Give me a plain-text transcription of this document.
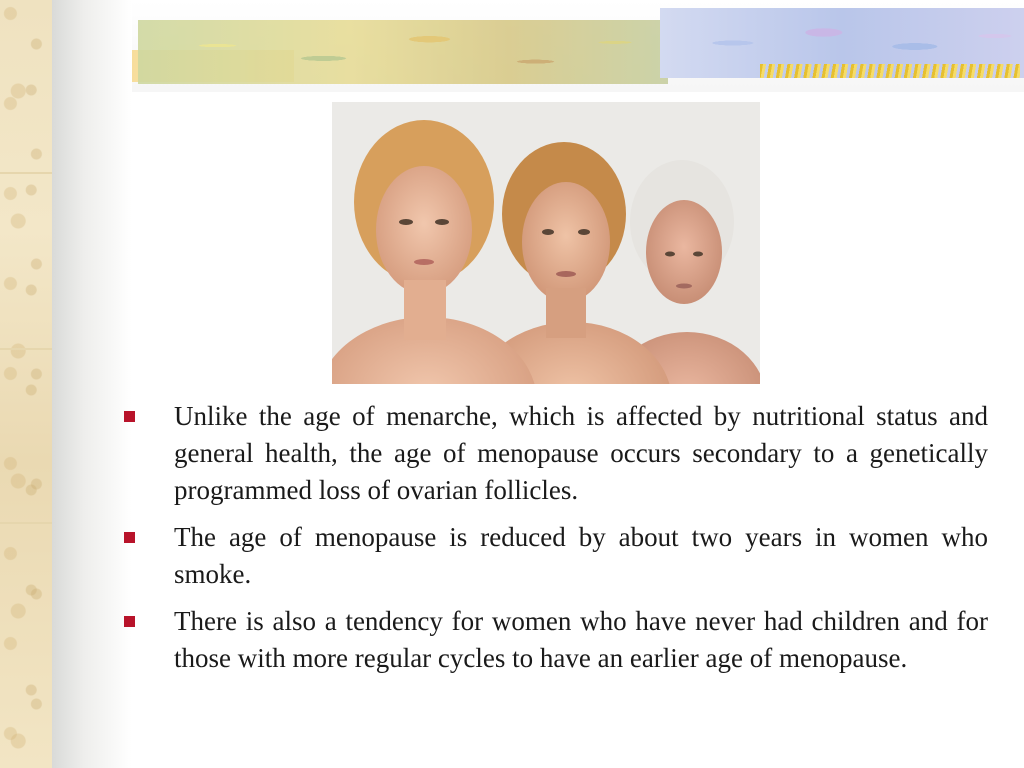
Unlike the age of menarche, which is affected by nutritional status and general health, the age of menopause occurs secondary to a genetically programmed loss of ovarian follicles.
The age of menopause is reduced by about two years in women who smoke.
There is also a tendency for women who have never had children and for those with more regular cycles to have an earlier age of menopause.
